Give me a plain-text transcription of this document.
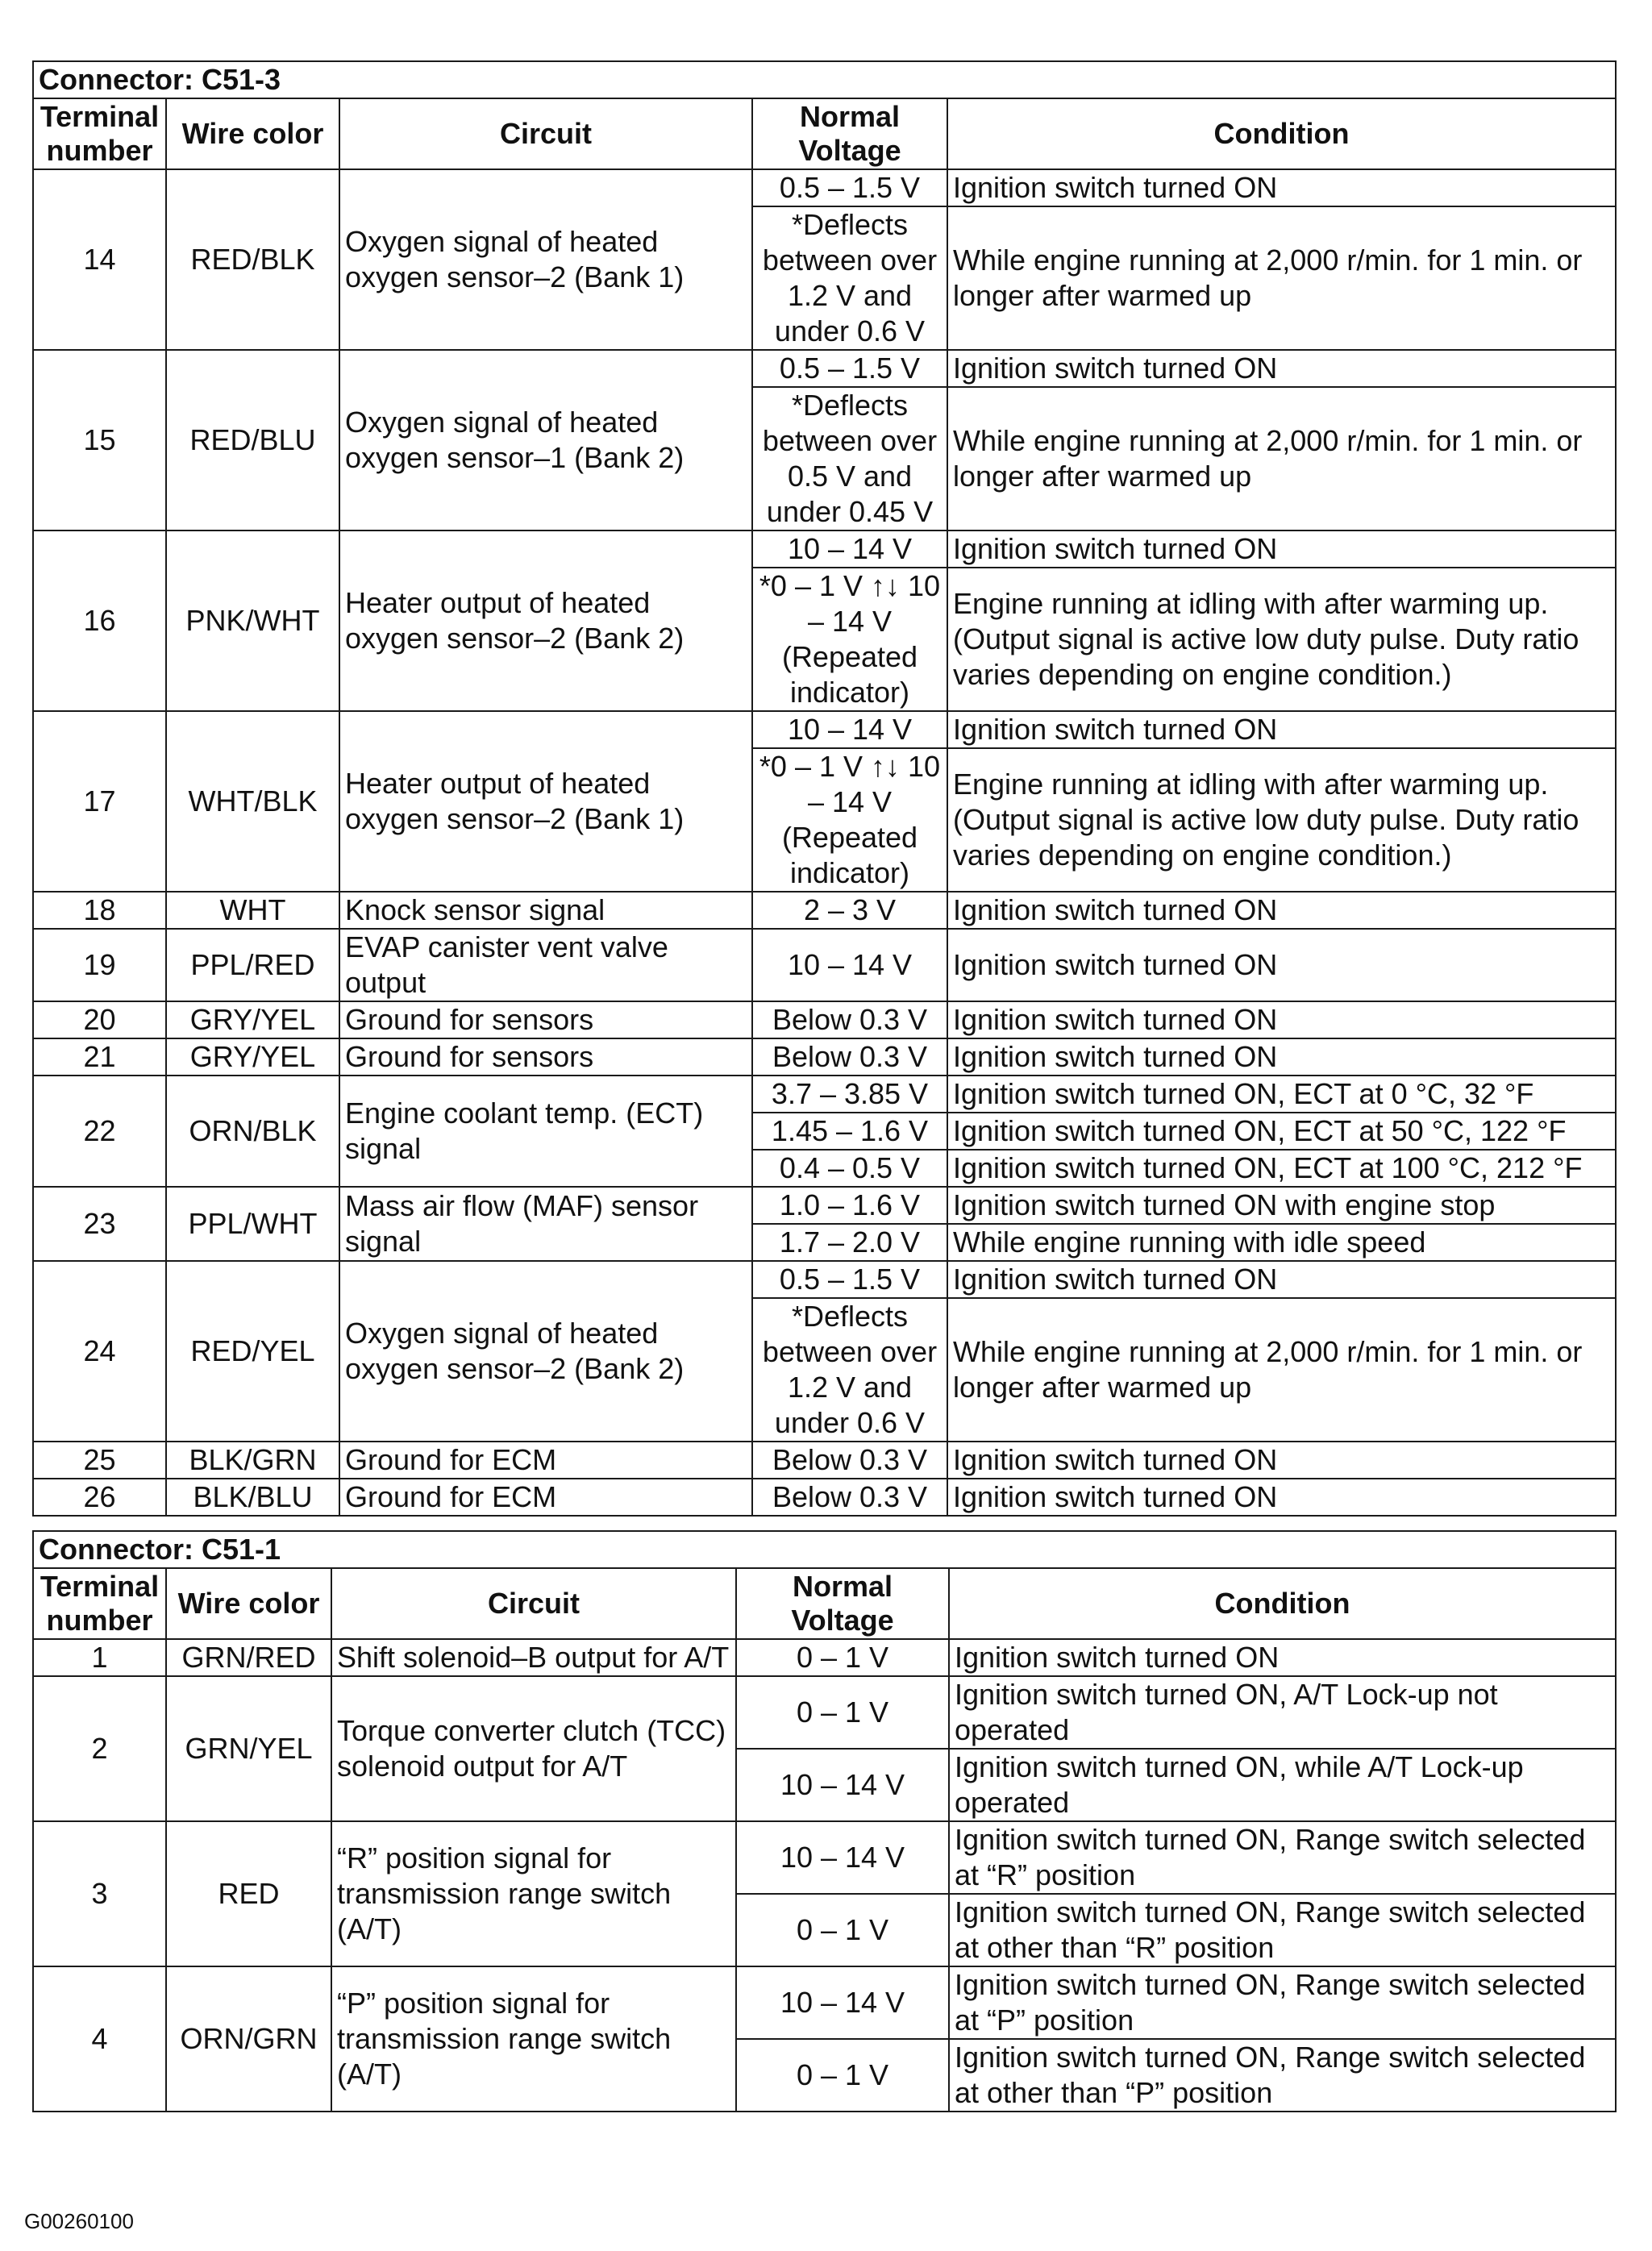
Connector: C51-3				
Terminal number	Wire color	Circuit	Normal Voltage	Condition
14	RED/BLK	Oxygen signal of heated oxygen sensor–2 (Bank 1)	0.5 – 1.5 V	Ignition switch turned ON
			*Deflects between over 1.2 V and under 0.6 V	While engine running at 2,000 r/min. for 1 min. or longer after warmed up
15	RED/BLU	Oxygen signal of heated oxygen sensor–1 (Bank 2)	0.5 – 1.5 V	Ignition switch turned ON
			*Deflects between over 0.5 V and under 0.45 V	While engine running at 2,000 r/min. for 1 min. or longer after warmed up
16	PNK/WHT	Heater output of heated oxygen sensor–2 (Bank 2)	10 – 14 V	Ignition switch turned ON
			*0 – 1 V ↑↓ 10 – 14 V (Repeated indicator)	Engine running at idling with after warming up. (Output signal is active low duty pulse. Duty ratio varies depending on engine condition.)
17	WHT/BLK	Heater output of heated oxygen sensor–2 (Bank 1)	10 – 14 V	Ignition switch turned ON
			*0 – 1 V ↑↓ 10 – 14 V (Repeated indicator)	Engine running at idling with after warming up. (Output signal is active low duty pulse. Duty ratio varies depending on engine condition.)
18	WHT	Knock sensor signal	2 – 3 V	Ignition switch turned ON
19	PPL/RED	EVAP canister vent valve output	10 – 14 V	Ignition switch turned ON
20	GRY/YEL	Ground for sensors	Below 0.3 V	Ignition switch turned ON
21	GRY/YEL	Ground for sensors	Below 0.3 V	Ignition switch turned ON
22	ORN/BLK	Engine coolant temp. (ECT) signal	3.7 – 3.85 V	Ignition switch turned ON, ECT at 0 °C, 32 °F
			1.45 – 1.6 V	Ignition switch turned ON, ECT at 50 °C, 122 °F
			0.4 – 0.5 V	Ignition switch turned ON, ECT at 100 °C, 212 °F
23	PPL/WHT	Mass air flow (MAF) sensor signal	1.0 – 1.6 V	Ignition switch turned ON with engine stop
			1.7 – 2.0 V	While engine running with idle speed
24	RED/YEL	Oxygen signal of heated oxygen sensor–2 (Bank 2)	0.5 – 1.5 V	Ignition switch turned ON
			*Deflects between over 1.2 V and under 0.6 V	While engine running at 2,000 r/min. for 1 min. or longer after warmed up
25	BLK/GRN	Ground for ECM	Below 0.3 V	Ignition switch turned ON
26	BLK/BLU	Ground for ECM	Below 0.3 V	Ignition switch turned ON
Connector: C51-1				
Terminal number	Wire color	Circuit	Normal Voltage	Condition
1	GRN/RED	Shift solenoid–B output for A/T	0 – 1 V	Ignition switch turned ON
2	GRN/YEL	Torque converter clutch (TCC) solenoid output for A/T	0 – 1 V	Ignition switch turned ON, A/T Lock-up not operated
			10 – 14 V	Ignition switch turned ON, while A/T Lock-up operated
3	RED	“R” position signal for transmission range switch (A/T)	10 – 14 V	Ignition switch turned ON, Range switch selected at “R” position
			0 – 1 V	Ignition switch turned ON, Range switch selected at other than “R” position
4	ORN/GRN	“P” position signal for transmission range switch (A/T)	10 – 14 V	Ignition switch turned ON, Range switch selected at “P” position
			0 – 1 V	Ignition switch turned ON, Range switch selected at other than “P” position
G00260100
